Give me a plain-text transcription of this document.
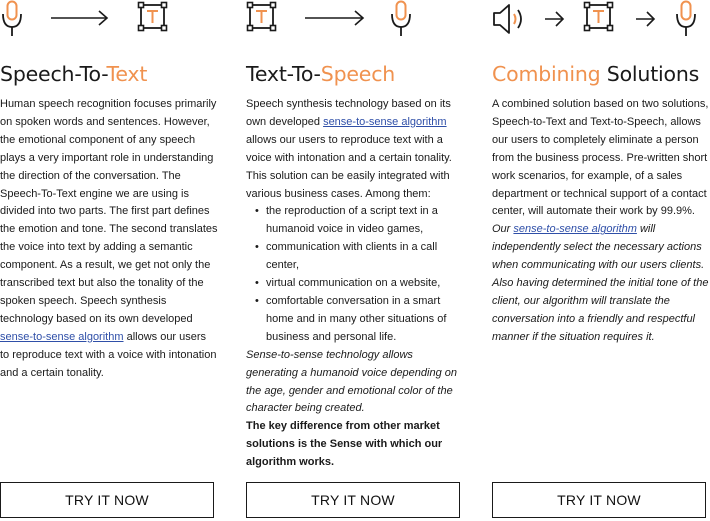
Speech-To-Text

Human speech recognition focuses primarily on spoken words and sentences. However, the emotional component of any speech plays a very important role in understanding the direction of the conversation. The Speech-To-Text engine we are using is divided into two parts. The first part defines the emotion and tone. The second translates the voice into text by adding a semantic component. As a result, we get not only the transcribed text but also the tonality of the spoken speech. Speech synthesis technology based on its own developed sense-to-sense algorithm allows our users to reproduce text with a voice with intonation and a certain tonality.

TRY IT NOW
Text-To-Speech

Speech synthesis technology based on its own developed sense-to-sense algorithm allows our users to reproduce text with a voice with intonation and a certain tonality. This solution can be easily integrated with various business cases. Among them:

• the reproduction of a script text in a humanoid voice in video games,
• communication with clients in a call center,
• virtual communication on a website,
• comfortable conversation in a smart home and in many other situations of business and personal life.

Sense-to-sense technology allows generating a humanoid voice depending on the age, gender and emotional color of the character being created.

The key difference from other market solutions is the Sense with which our algorithm works.

TRY IT NOW
Combining Solutions

A combined solution based on two solutions, Speech-to-Text and Text-to-Speech, allows our users to completely eliminate a person from the business process. Pre-written short work scenarios, for example, of a sales department or technical support of a contact center, will automate their work by 99.9%.

Our sense-to-sense algorithm will independently select the necessary actions when communicating with our users clients. Also having determined the initial tone of the client, our algorithm will translate the conversation into a friendly and respectful manner if the situation requires it.

TRY IT NOW
